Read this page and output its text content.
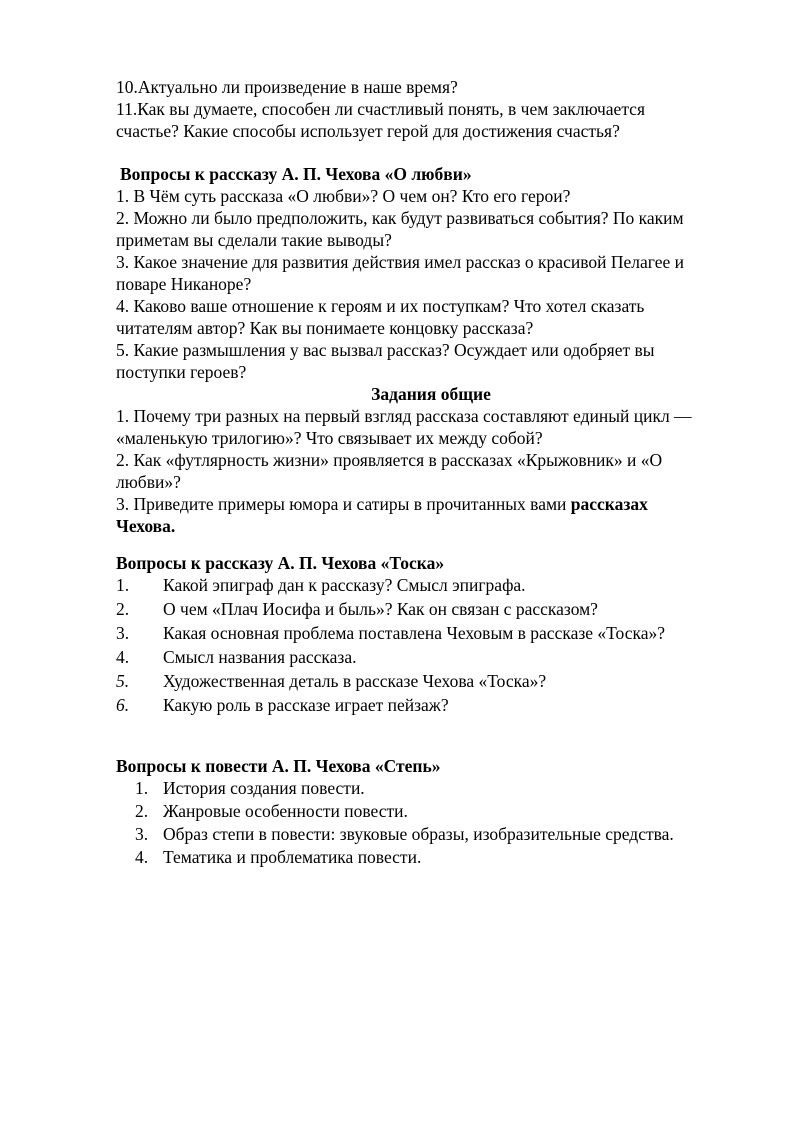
10.Актуально ли произведение в наше время?

11.Как вы думаете, способен ли счастливый понять, в чем заключается

счастье? Какие способы использует герой для достижения счастья?

Вопросы к рассказу А. П. Чехова «О любви»

1. В Чём суть рассказа «О любви»? О чем он? Кто его герои?

2. Можно ли было предположить, как будут развиваться события? По каким

приметам вы сделали такие выводы?

3. Какое значение для развития действия имел рассказ о красивой Пелагее и

поваре Никаноре?

4. Каково ваше отношение к героям и их поступкам? Что хотел сказать

читателям автор? Как вы понимаете концовку рассказа?

5. Какие размышления у вас вызвал рассказ? Осуждает или одобряет вы

поступки героев?

Задания общие

1. Почему три разных на первый взгляд рассказа составляют единый цикл —

«маленькую трилогию»? Что связывает их между собой?

2. Как «футлярность жизни» проявляется в рассказах «Крыжовник» и «О

любви»?

3. Приведите примеры юмора и сатиры в прочитанных вами рассказах

Чехова.

Вопросы к рассказу А. П. Чехова «Тоска»

1.	Какой эпиграф дан к рассказу? Смысл эпиграфа.
2.	О чем «Плач Иосифа и быль»? Как он связан с рассказом?
3.	Какая основная проблема поставлена Чеховым в рассказе «Тоска»?
4.	Смысл названия рассказа.
5.	Художественная деталь в рассказе Чехова «Тоска»?
6.	Какую роль в рассказе играет пейзаж?

Вопросы к повести А. П. Чехова «Степь»

1. История создания повести.
2. Жанровые особенности повести.
3. Образ степи в повести: звуковые образы, изобразительные средства.
4. Тематика и проблематика повести.
